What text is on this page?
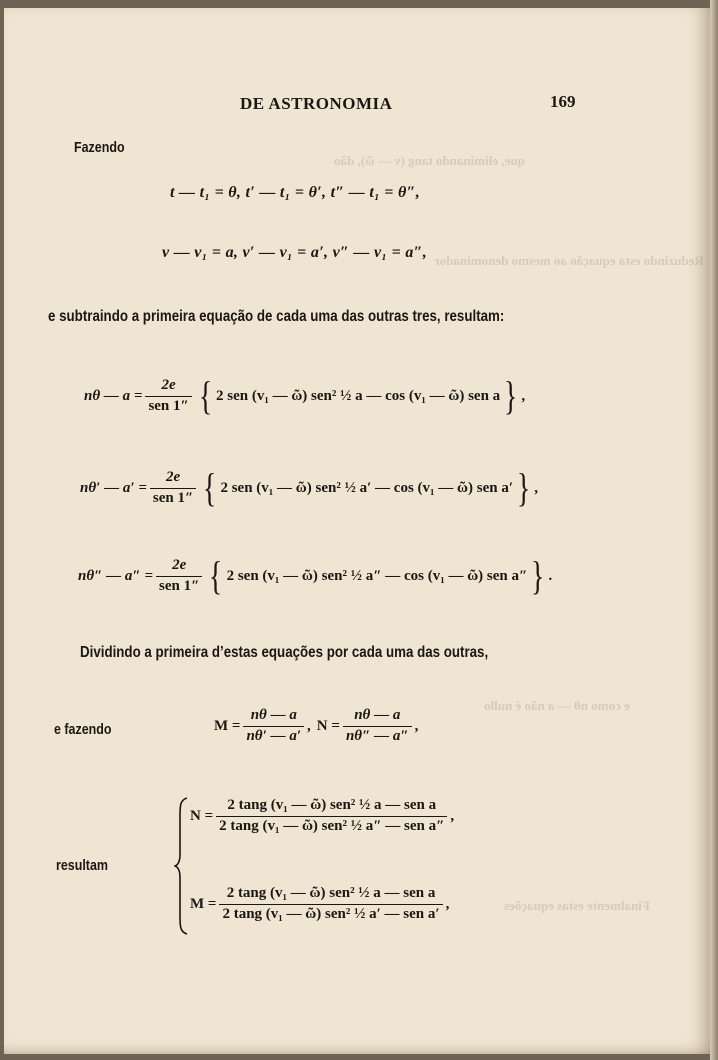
que, eliminando tang (v — ῶ), dão
Reduzindo esta equação ao mesmo denominador
e como nθ — a não é nullo
Finalmente estas equações
DE ASTRONOMIA	169
Fazendo
t — t₁ = θ, t′ — t₁ = θ′, t″ — t₁ = θ″,
v — v₁ = a, v′ — v₁ = a′, v″ — v₁ = a″,
e subtraindo a primeira equação de cada uma das outras tres, resultam:
nθ — $a = \frac{2e}{\text{sen 1″}}$ { 2 sen (v₁ — ῶ) sen² ½ a — cos (v₁ — ῶ) sen a } ,
nθ′ — $a' = \frac{2e}{\text{sen 1″}}$ { 2 sen (v₁ — ῶ) sen² ½ a′ — cos (v₁ — ῶ) sen a′ } ,
nθ″ — $a'' = \frac{2e}{\text{sen 1″}}$ { 2 sen (v₁ — ῶ) sen² ½ a″ — cos (v₁ — ῶ) sen a″ } .
Dividindo a primeira d’estas equações por cada uma das outras,
e fazendo	$M = \frac{n\theta — a}{n\theta' — a'}$ , $N = \frac{n\theta — a}{n\theta'' — a''}$ ,
resultam
$N = \frac{\text{2 tang (v₁ — ῶ) sen² ½ a — sen a}}{\text{2 tang (v₁ — ῶ) sen² ½ a″ — sen a″}}$ ,
$M = \frac{\text{2 tang (v₁ — ῶ) sen² ½ a — sen a}}{\text{2 tang (v₁ — ῶ) sen² ½ a′ — sen a′}}$ ,
